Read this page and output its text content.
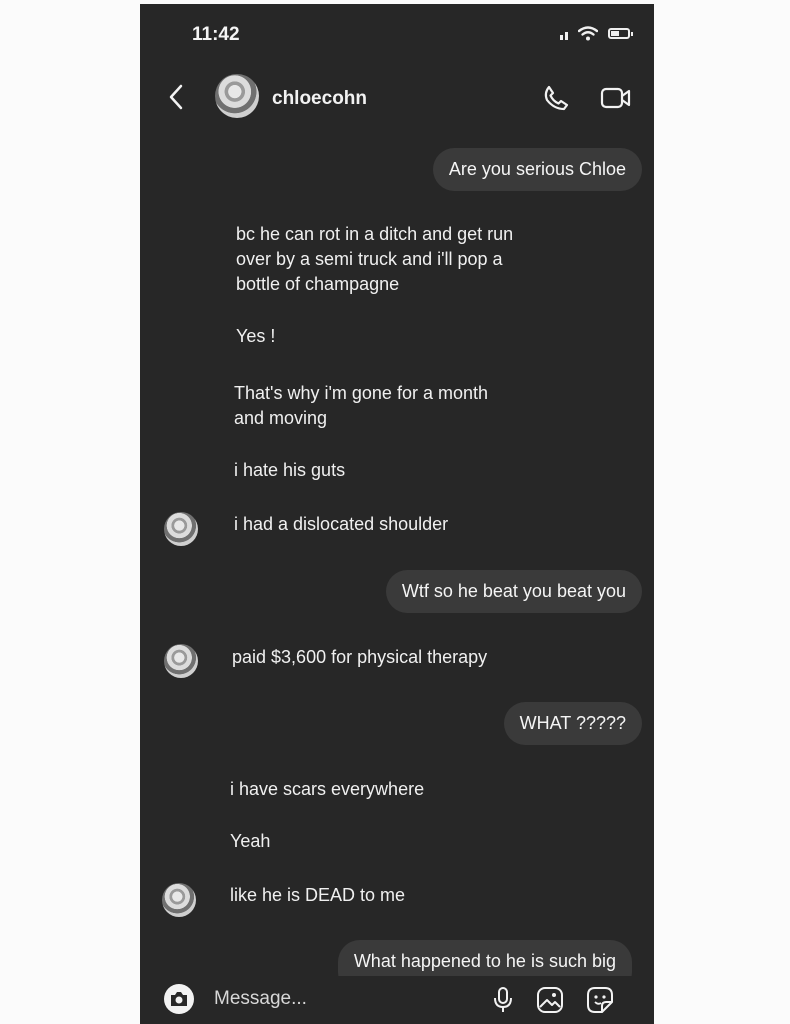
11:42
chloecohn
Are you serious Chloe
bc he can rot in a ditch and get run
over by a semi truck and i'll pop a
bottle of champagne
Yes !
That's why i'm gone for a month
and moving
i hate his guts
i had a dislocated shoulder
Wtf so he beat you beat you
paid $3,600 for physical therapy
WHAT ?????
i have scars everywhere
Yeah
like he is DEAD to me
What happened to he is such big
Message...
